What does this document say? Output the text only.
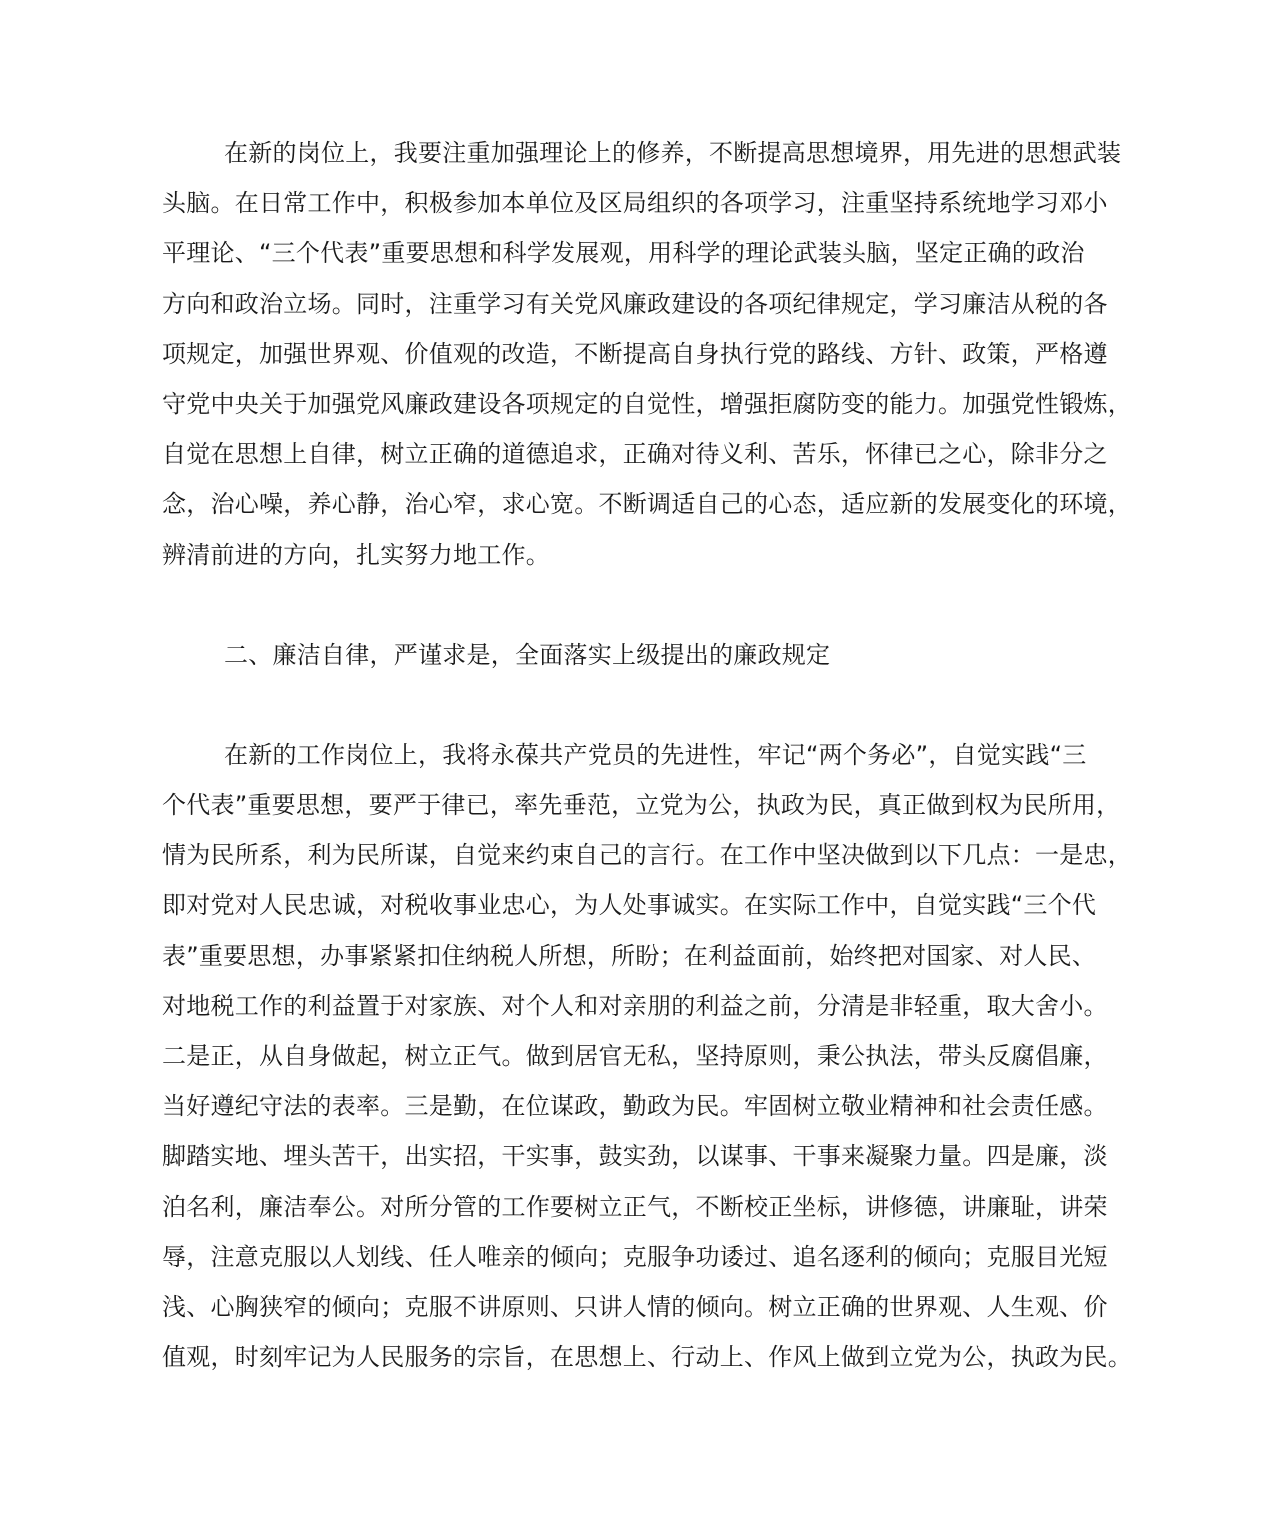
在新的岗位上，我要注重加强理论上的修养，不断提高思想境界，用先进的思想武装
头脑。在日常工作中，积极参加本单位及区局组织的各项学习，注重坚持系统地学习邓小
平理论、“三个代表”重要思想和科学发展观，用科学的理论武装头脑，坚定正确的政治
方向和政治立场。同时，注重学习有关党风廉政建设的各项纪律规定，学习廉洁从税的各
项规定，加强世界观、价值观的改造，不断提高自身执行党的路线、方针、政策，严格遵
守党中央关于加强党风廉政建设各项规定的自觉性，增强拒腐防变的能力。加强党性锻炼，
自觉在思想上自律，树立正确的道德追求，正确对待义利、苦乐，怀律已之心，除非分之
念，治心噪，养心静，治心窄，求心宽。不断调适自己的心态，适应新的发展变化的环境，
辨清前进的方向，扎实努力地工作。
二、廉洁自律，严谨求是，全面落实上级提出的廉政规定
在新的工作岗位上，我将永葆共产党员的先进性，牢记“两个务必”，自觉实践“三
个代表”重要思想，要严于律已，率先垂范，立党为公，执政为民，真正做到权为民所用，
情为民所系，利为民所谋，自觉来约束自己的言行。在工作中坚决做到以下几点：一是忠，
即对党对人民忠诚，对税收事业忠心，为人处事诚实。在实际工作中，自觉实践“三个代
表”重要思想，办事紧紧扣住纳税人所想，所盼；在利益面前，始终把对国家、对人民、
对地税工作的利益置于对家族、对个人和对亲朋的利益之前，分清是非轻重，取大舍小。
二是正，从自身做起，树立正气。做到居官无私，坚持原则，秉公执法，带头反腐倡廉，
当好遵纪守法的表率。三是勤，在位谋政，勤政为民。牢固树立敬业精神和社会责任感。
脚踏实地、埋头苦干，出实招，干实事，鼓实劲，以谋事、干事来凝聚力量。四是廉，淡
泊名利，廉洁奉公。对所分管的工作要树立正气，不断校正坐标，讲修德，讲廉耻，讲荣
辱，注意克服以人划线、任人唯亲的倾向；克服争功诿过、追名逐利的倾向；克服目光短
浅、心胸狭窄的倾向；克服不讲原则、只讲人情的倾向。树立正确的世界观、人生观、价
值观，时刻牢记为人民服务的宗旨，在思想上、行动上、作风上做到立党为公，执政为民。
